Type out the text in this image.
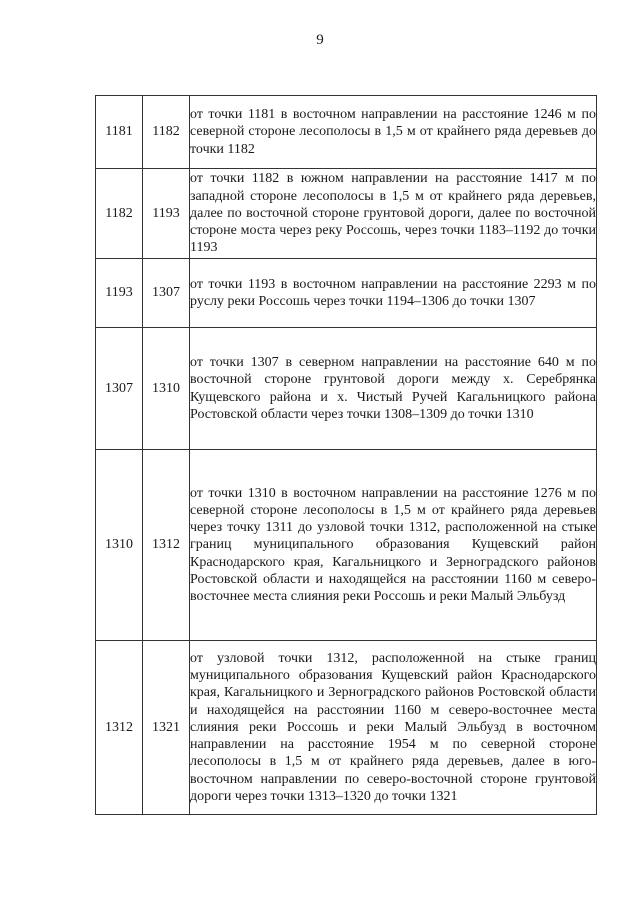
9
1181	1182	от точки 1181 в восточном направлении на расстояние 1246 м по северной стороне лесополосы в 1,5 м от крайнего ряда деревьев до точки 1182
1182	1193	от точки 1182 в южном направлении на расстояние 1417 м по западной стороне лесополосы в 1,5 м от крайнего ряда деревьев, далее по восточной стороне грунтовой дороги, далее по восточной стороне моста через реку Россошь, через точки 1183–1192 до точки 1193
1193	1307	от точки 1193 в восточном направлении на расстояние 2293 м по руслу реки Россошь через точки 1194–1306 до точки 1307
1307	1310	от точки 1307 в северном направлении на расстояние 640 м по восточной стороне грунтовой дороги между х. Серебрянка Кущевского района и х. Чистый Ручей Кагальницкого района Ростовской области через точки 1308–1309 до точки 1310
1310	1312	от точки 1310 в восточном направлении на расстояние 1276 м по северной стороне лесополосы в 1,5 м от крайнего ряда деревьев через точку 1311 до узловой точки 1312, расположенной на стыке границ муниципального образования Кущевский район Краснодарского края, Кагальницкого и Зерноградского районов Ростовской области и находящейся на расстоянии 1160 м северо-восточнее места слияния реки Россошь и реки Малый Эльбузд
1312	1321	от узловой точки 1312, расположенной на стыке границ муниципального образования Кущевский район Краснодарского края, Кагальницкого и Зерноградского районов Ростовской области и находящейся на расстоянии 1160 м северо-восточнее места слияния реки Россошь и реки Малый Эльбузд в восточном направлении на расстояние 1954 м по северной стороне лесополосы в 1,5 м от крайнего ряда деревьев, далее в юго-восточном направлении по северо-восточной стороне грунтовой дороги через точки 1313–1320 до точки 1321
